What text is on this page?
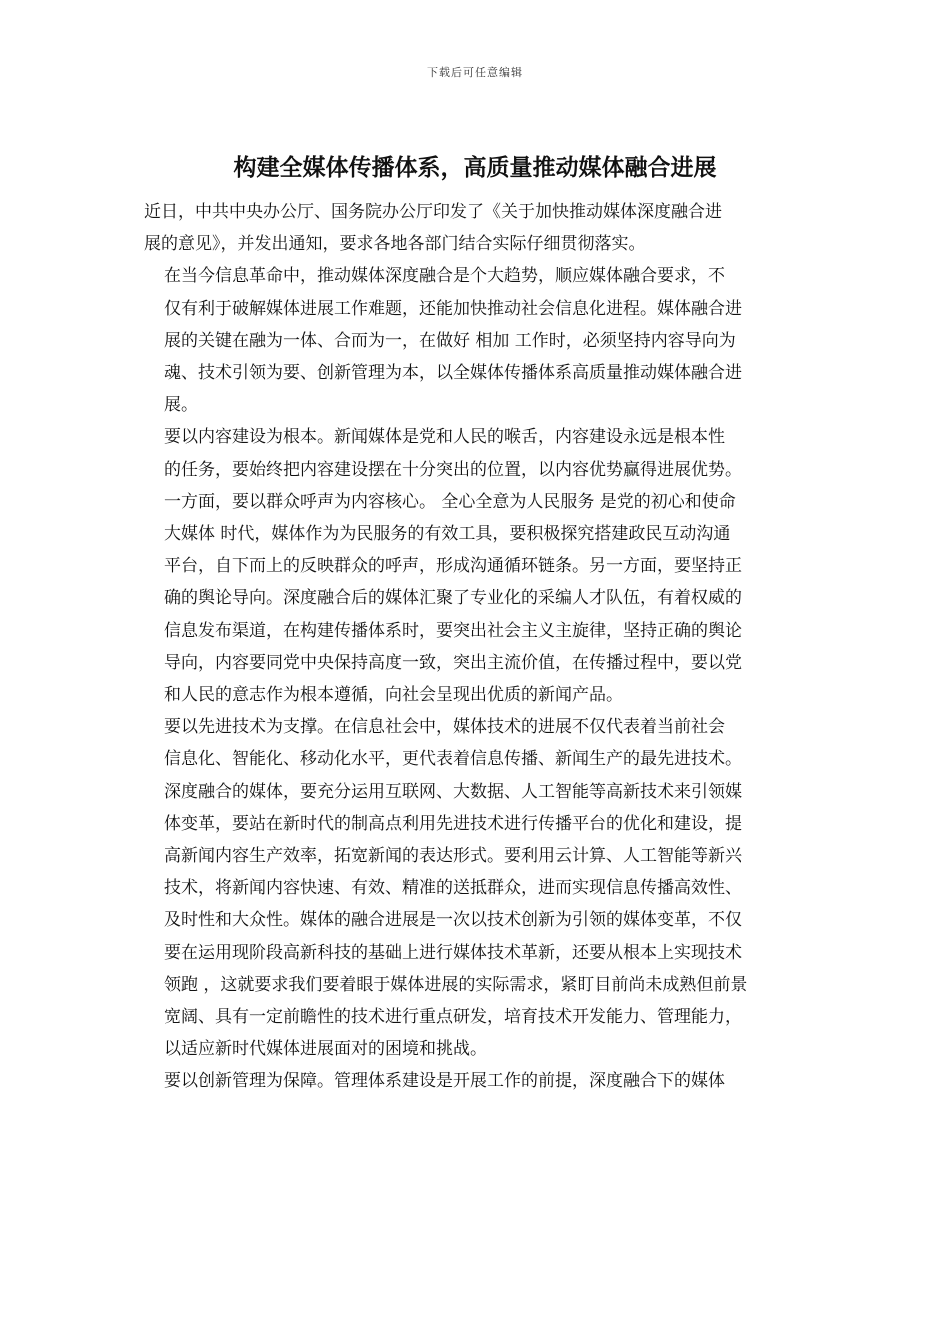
下载后可任意编辑
构建全媒体传播体系，高质量推动媒体融合进展

近日，中共中央办公厅、国务院办公厅印发了《关于加快推动媒体深度融合进
展的意见》，并发出通知，要求各地各部门结合实际仔细贯彻落实。

在当今信息革命中，推动媒体深度融合是个大趋势，顺应媒体融合要求，不
仅有利于破解媒体进展工作难题，还能加快推动社会信息化进程。媒体融合进
展的关键在融为一体、合而为一，在做好 相加 工作时，必须坚持内容导向为
魂、技术引领为要、创新管理为本，以全媒体传播体系高质量推动媒体融合进
展。

要以内容建设为根本。新闻媒体是党和人民的喉舌，内容建设永远是根本性
的任务，要始终把内容建设摆在十分突出的位置，以内容优势赢得进展优势。
一方面，要以群众呼声为内容核心。 全心全意为人民服务 是党的初心和使命
大媒体 时代，媒体作为为民服务的有效工具，要积极探究搭建政民互动沟通
平台，自下而上的反映群众的呼声，形成沟通循环链条。另一方面，要坚持正
确的舆论导向。深度融合后的媒体汇聚了专业化的采编人才队伍，有着权威的
信息发布渠道，在构建传播体系时，要突出社会主义主旋律，坚持正确的舆论
导向，内容要同党中央保持高度一致，突出主流价值，在传播过程中，要以党
和人民的意志作为根本遵循，向社会呈现出优质的新闻产品。

要以先进技术为支撑。在信息社会中，媒体技术的进展不仅代表着当前社会
信息化、智能化、移动化水平，更代表着信息传播、新闻生产的最先进技术。
深度融合的媒体，要充分运用互联网、大数据、人工智能等高新技术来引领媒
体变革，要站在新时代的制高点利用先进技术进行传播平台的优化和建设，提
高新闻内容生产效率，拓宽新闻的表达形式。要利用云计算、人工智能等新兴
技术，将新闻内容快速、有效、精准的送抵群众，进而实现信息传播高效性、
及时性和大众性。媒体的融合进展是一次以技术创新为引领的媒体变革，不仅
要在运用现阶段高新科技的基础上进行媒体技术革新，还要从根本上实现技术
领跑 ，这就要求我们要着眼于媒体进展的实际需求，紧盯目前尚未成熟但前景
宽阔、具有一定前瞻性的技术进行重点研发，培育技术开发能力、管理能力，
以适应新时代媒体进展面对的困境和挑战。

要以创新管理为保障。管理体系建设是开展工作的前提，深度融合下的媒体
